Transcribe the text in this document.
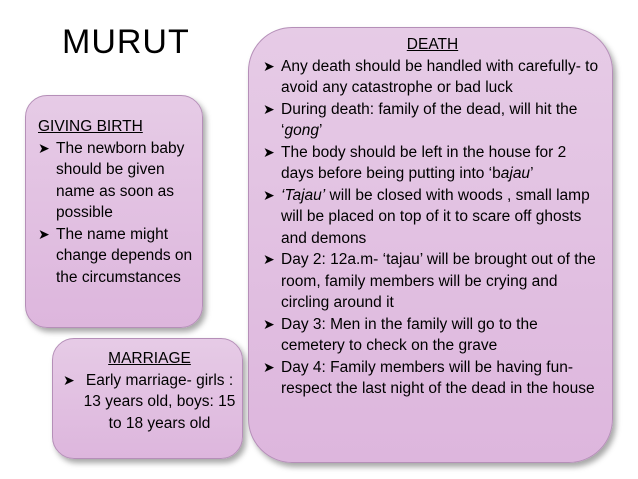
MURUT
GIVING BIRTH
➤ The newborn baby should be given name as soon as possible
➤ The name might change depends on the circumstances
MARRIAGE
➤ Early marriage- girls : 13 years old, boys: 15 to 18 years old
DEATH
➤ Any death should be handled with carefully- to avoid any catastrophe or bad luck
➤ During death: family of the dead, will hit the ‘gong’
➤ The body should be left in the house for 2 days before being putting into ‘bajau’
➤ ‘Tajau’ will be closed with woods , small lamp will be placed on top of it to scare off ghosts and demons
➤ Day 2: 12a.m- ‘tajau’ will be brought out of the room, family members will be crying and circling around it
➤ Day 3: Men in the family will go to the cemetery to check on the grave
➤ Day 4: Family members will be having fun-respect the last night of the dead in the house
